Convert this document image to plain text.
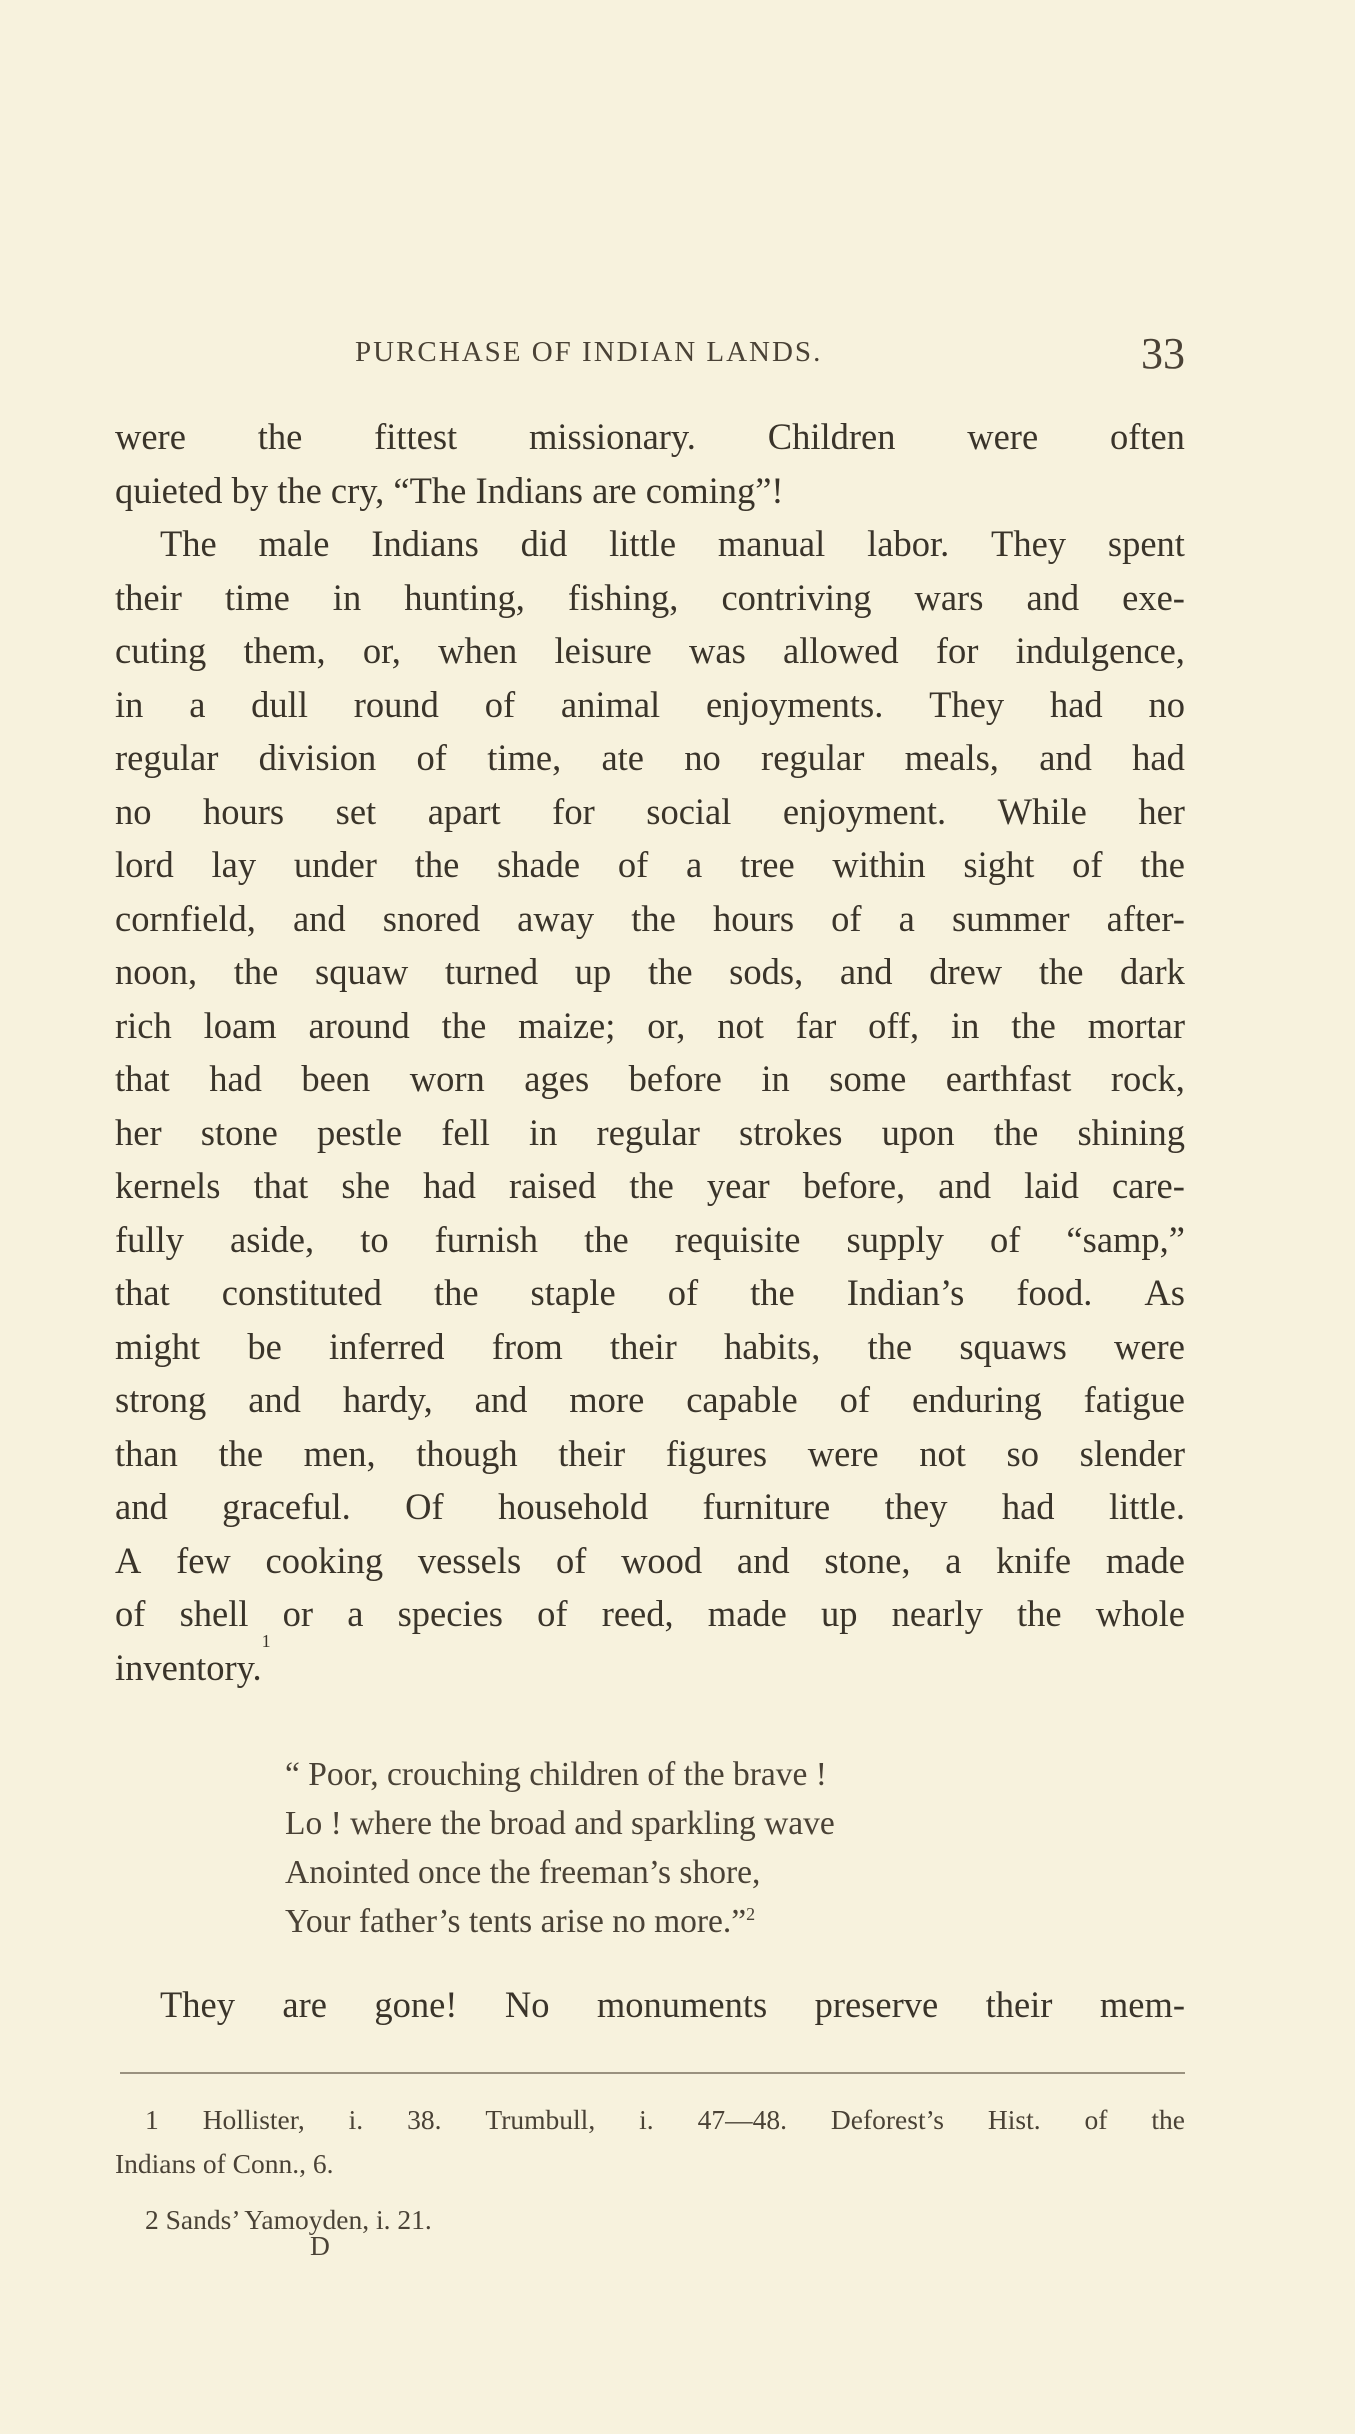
PURCHASE OF INDIAN LANDS.	33
were the fittest missionary. Children were often
quieted by the cry, “The Indians are coming”!
The male Indians did little manual labor. They spent
their time in hunting, fishing, contriving wars and exe-
cuting them, or, when leisure was allowed for indulgence,
in a dull round of animal enjoyments. They had no
regular division of time, ate no regular meals, and had
no hours set apart for social enjoyment. While her
lord lay under the shade of a tree within sight of the
cornfield, and snored away the hours of a summer after-
noon, the squaw turned up the sods, and drew the dark
rich loam around the maize; or, not far off, in the mortar
that had been worn ages before in some earthfast rock,
her stone pestle fell in regular strokes upon the shining
kernels that she had raised the year before, and laid care-
fully aside, to furnish the requisite supply of “samp,”
that constituted the staple of the Indian’s food. As
might be inferred from their habits, the squaws were
strong and hardy, and more capable of enduring fatigue
than the men, though their figures were not so slender
and graceful. Of household furniture they had little.
A few cooking vessels of wood and stone, a knife made
of shell or a species of reed, made up nearly the whole
inventory.
1
“ Poor, crouching children of the brave !
Lo ! where the broad and sparkling wave
Anointed once the freeman’s shore,
Your father’s tents arise no more.”$^2$
They are gone! No monuments preserve their mem-
1 Hollister, i. 38. Trumbull, i. 47—48. Deforest’s Hist. of the
Indians of Conn., 6.
2 Sands’ Yamoyden, i. 21.
D
